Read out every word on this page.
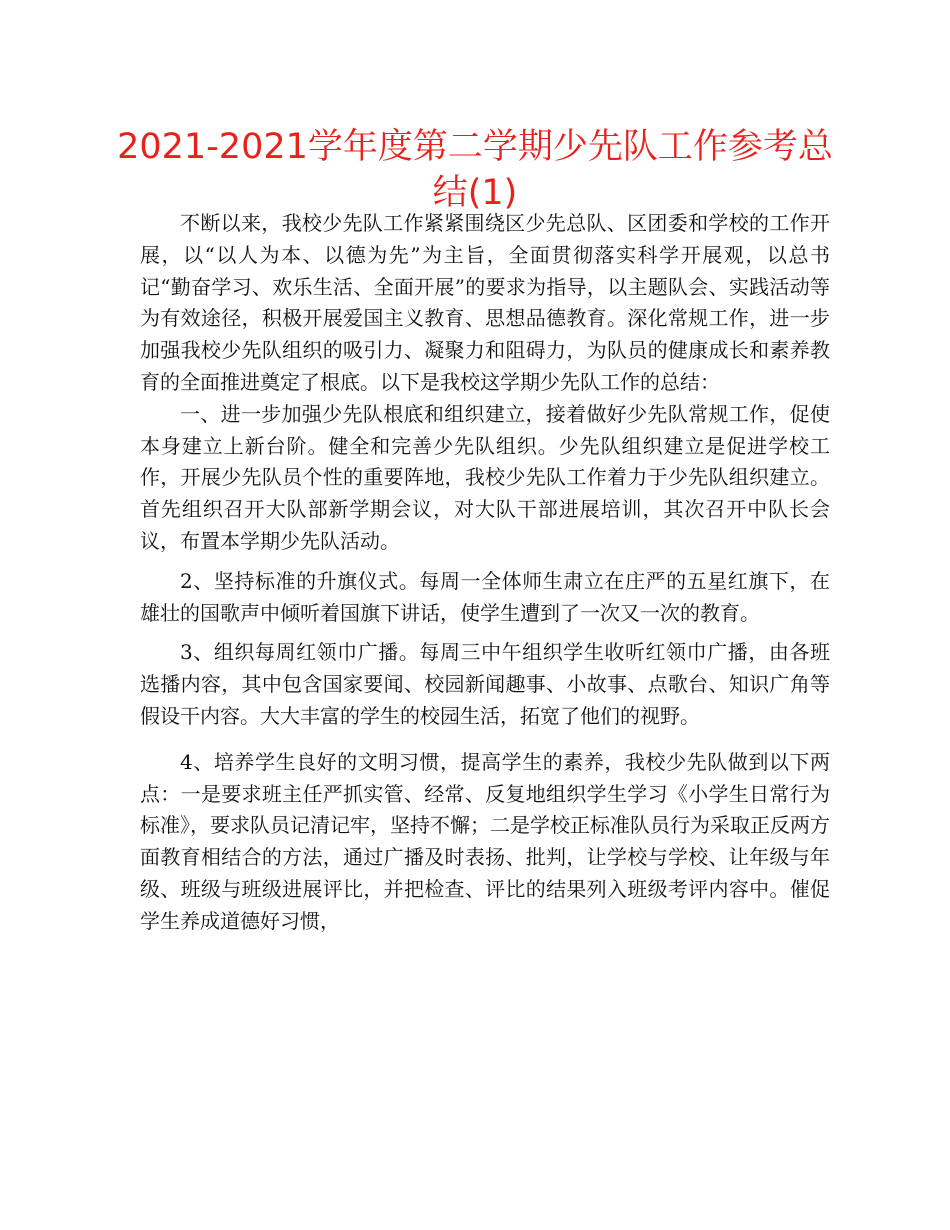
2021-2021学年度第二学期少先队工作参考总结(1)

不断以来，我校少先队工作紧紧围绕区少先总队、区团委和学校的工作开展，以“以人为本、以德为先”为主旨，全面贯彻落实科学开展观，以总书记“勤奋学习、欢乐生活、全面开展”的要求为指导，以主题队会、实践活动等为有效途径，积极开展爱国主义教育、思想品德教育。深化常规工作，进一步加强我校少先队组织的吸引力、凝聚力和阻碍力，为队员的健康成长和素养教育的全面推进奠定了根底。以下是我校这学期少先队工作的总结：

一、进一步加强少先队根底和组织建立，接着做好少先队常规工作，促使本身建立上新台阶。健全和完善少先队组织。少先队组织建立是促进学校工作，开展少先队员个性的重要阵地，我校少先队工作着力于少先队组织建立。首先组织召开大队部新学期会议，对大队干部进展培训，其次召开中队长会议，布置本学期少先队活动。

2、坚持标准的升旗仪式。每周一全体师生肃立在庄严的五星红旗下，在雄壮的国歌声中倾听着国旗下讲话，使学生遭到了一次又一次的教育。

3、组织每周红领巾广播。每周三中午组织学生收听红领巾广播，由各班选播内容，其中包含国家要闻、校园新闻趣事、小故事、点歌台、知识广角等假设干内容。大大丰富的学生的校园生活，拓宽了他们的视野。

4、培养学生良好的文明习惯，提高学生的素养，我校少先队做到以下两点：一是要求班主任严抓实管、经常、反复地组织学生学习《小学生日常行为标准》，要求队员记清记牢，坚持不懈；二是学校正标准队员行为采取正反两方面教育相结合的方法，通过广播及时表扬、批判，让学校与学校、让年级与年级、班级与班级进展评比，并把检查、评比的结果列入班级考评内容中。催促学生养成道德好习惯，
